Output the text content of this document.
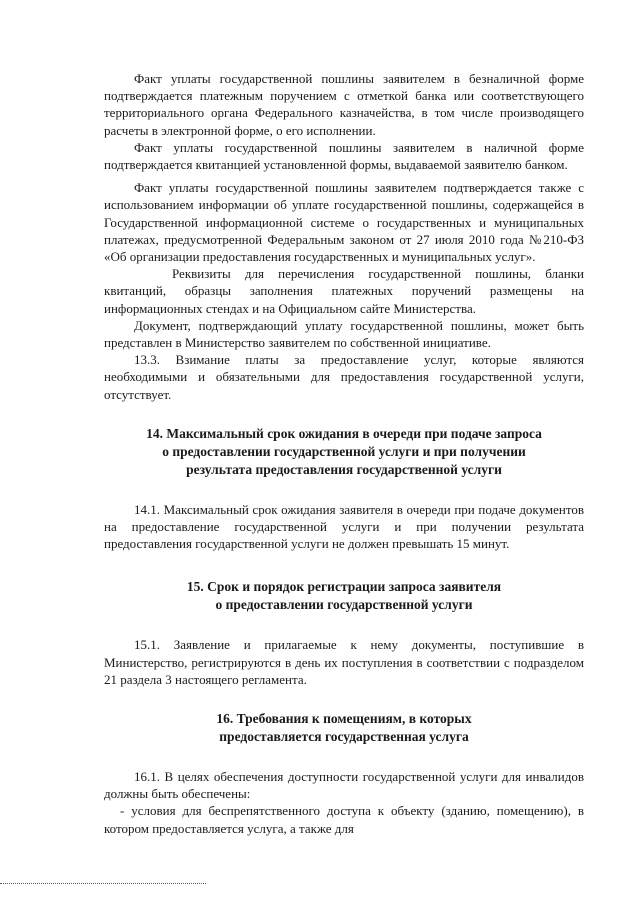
Факт уплаты государственной пошлины заявителем в безналичной форме подтверждается платежным поручением с отметкой банка или соответствующего территориального органа Федерального казначейства, в том числе производящего расчеты в электронной форме, о его исполнении.

Факт уплаты государственной пошлины заявителем в наличной форме подтверждается квитанцией установленной формы, выдаваемой заявителю банком.

Факт уплаты государственной пошлины заявителем подтверждается также с использованием информации об уплате государственной пошлины, содержащейся в Государственной информационной системе о государственных и муниципальных платежах, предусмотренной Федеральным законом от 27 июля 2010 года №210-ФЗ «Об организации предоставления государственных и муниципальных услуг».

Реквизиты для перечисления государственной пошлины, бланки квитанций, образцы заполнения платежных поручений размещены на информационных стендах и на Официальном сайте Министерства.

Документ, подтверждающий уплату государственной пошлины, может быть представлен в Министерство заявителем по собственной инициативе.

13.3. Взимание платы за предоставление услуг, которые являются необходимыми и обязательными для предоставления государственной услуги, отсутствует.

14. Максимальный срок ожидания в очереди при подаче запроса
о предоставлении государственной услуги и при получении
результата предоставления государственной услуги

14.1. Максимальный срок ожидания заявителя в очереди при подаче документов на предоставление государственной услуги и при получении результата предоставления государственной услуги не должен превышать 15 минут.

15. Срок и порядок регистрации запроса заявителя
о предоставлении государственной услуги

15.1. Заявление и прилагаемые к нему документы, поступившие в Министерство, регистрируются в день их поступления в соответствии с подразделом 21 раздела 3 настоящего регламента.

16. Требования к помещениям, в которых
предоставляется государственная услуга

16.1. В целях обеспечения доступности государственной услуги для инвалидов должны быть обеспечены:

- условия для беспрепятственного доступа к объекту (зданию, помещению), в котором предоставляется услуга, а также для
